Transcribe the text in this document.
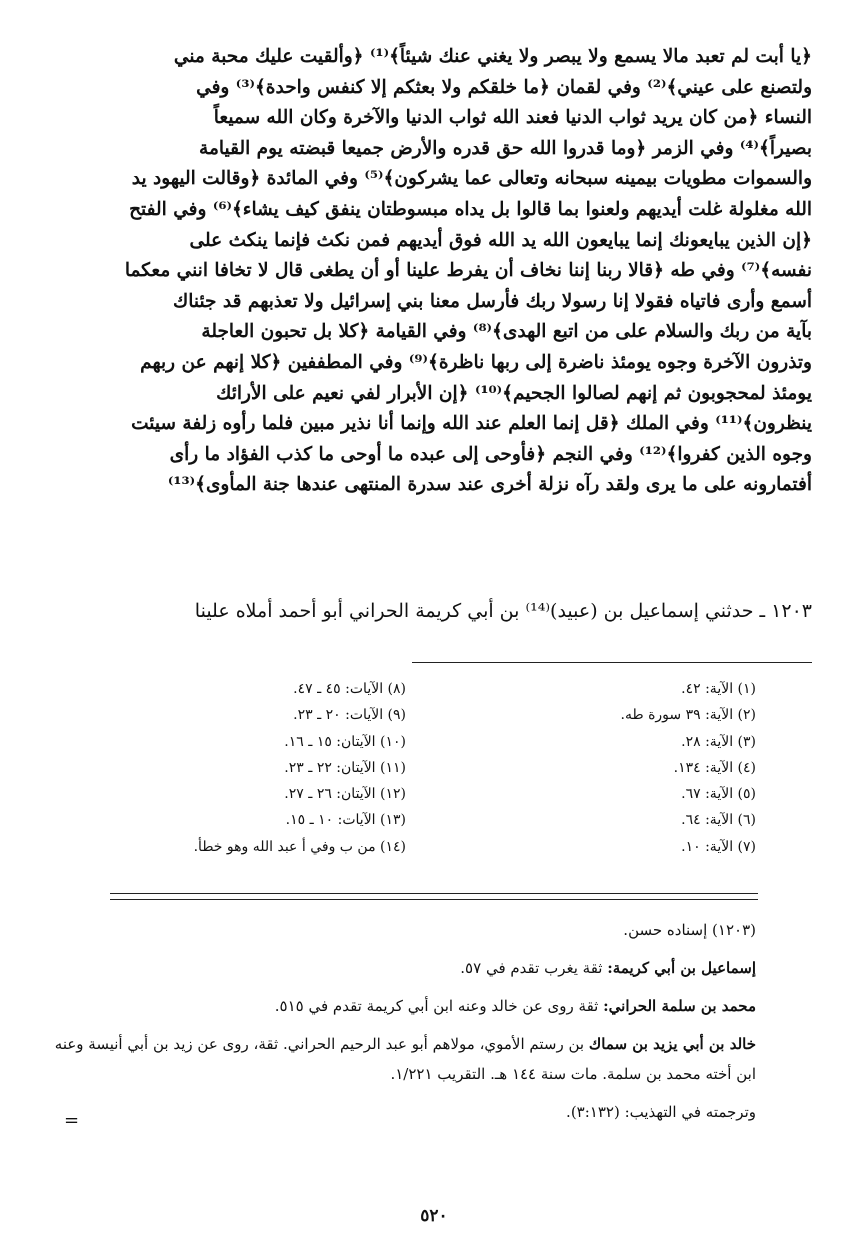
﴿يا أبت لم تعبد مالا يسمع ولا يبصر ولا يغني عنك شيئاً﴾⁽¹⁾ ﴿وألقيت عليك محبة مني

ولتصنع على عيني﴾⁽²⁾ وفي لقمان ﴿ما خلقكم ولا بعثكم إلا كنفس واحدة﴾⁽³⁾ وفي

النساء ﴿من كان يريد ثواب الدنيا فعند الله ثواب الدنيا والآخرة وكان الله سميعاً

بصيراً﴾⁽⁴⁾ وفي الزمر ﴿وما قدروا الله حق قدره والأرض جميعا قبضته يوم القيامة

والسموات مطويات بيمينه سبحانه وتعالى عما يشركون﴾⁽⁵⁾ وفي المائدة ﴿وقالت اليهود يد

الله مغلولة غلت أيديهم ولعنوا بما قالوا بل يداه مبسوطتان ينفق كيف يشاء﴾⁽⁶⁾ وفي الفتح

﴿إن الذين يبايعونك إنما يبايعون الله يد الله فوق أيديهم فمن نكث فإنما ينكث على

نفسه﴾⁽⁷⁾ وفي طه ﴿قالا ربنا إننا نخاف أن يفرط علينا أو أن يطغى قال لا تخافا انني معكما

أسمع وأرى فاتياه فقولا إنا رسولا ربك فأرسل معنا بني إسرائيل ولا تعذبهم قد جئناك

بآية من ربك والسلام على من اتبع الهدى﴾⁽⁸⁾ وفي القيامة ﴿كلا بل تحبون العاجلة

وتذرون الآخرة وجوه يومئذ ناضرة إلى ربها ناظرة﴾⁽⁹⁾ وفي المطففين ﴿كلا إنهم عن ربهم

يومئذ لمحجوبون ثم إنهم لصالوا الجحيم﴾⁽¹⁰⁾ ﴿إن الأبرار لفي نعيم على الأرائك

ينظرون﴾⁽¹¹⁾ وفي الملك ﴿قل إنما العلم عند الله وإنما أنا نذير مبين فلما رأوه زلفة سيئت

وجوه الذين كفروا﴾⁽¹²⁾ وفي النجم ﴿فأوحى إلى عبده ما أوحى ما كذب الفؤاد ما رأى

أفتمارونه على ما يرى ولقد رآه نزلة أخرى عند سدرة المنتهى عندها جنة المأوى﴾⁽¹³⁾

١٢٠٣ ـ حدثني إسماعيل بن (عبيد)⁽¹⁴⁾ بن أبي كريمة الحراني أبو أحمد أملاه علينا
(١) الآية: ٤٢.
(٢) الآية: ٣٩ سورة طه.
(٣) الآية: ٢٨.
(٤) الآية: ١٣٤.
(٥) الآية: ٦٧.
(٦) الآية: ٦٤.
(٧) الآية: ١٠.
(٨) الآيات: ٤٥ ـ ٤٧.
(٩) الآيات: ٢٠ ـ ٢٣.
(١٠) الآيتان: ١٥ ـ ١٦.
(١١) الآيتان: ٢٢ ـ ٢٣.
(١٢) الآيتان: ٢٦ ـ ٢٧.
(١٣) الآيات: ١٠ ـ ١٥.
(١٤) من ب وفي أ عبد الله وهو خطأ.

(١٢٠٣) إسناده حسن.

إسماعيل بن أبي كريمة: ثقة يغرب تقدم في ٥٧.

محمد بن سلمة الحراني: ثقة روى عن خالد وعنه ابن أبي كريمة تقدم في ٥١٥.

خالد بن أبي يزيد بن سماك بن رستم الأموي، مولاهم أبو عبد الرحيم الحراني. ثقة، روى عن زيد بن أبي أنيسة وعنه ابن أخته محمد بن سلمة. مات سنة ١٤٤ هـ. التقريب ١/٢٢١.

وترجمته في التهذيب: (٣:١٣٢).

=
٥٢٠
